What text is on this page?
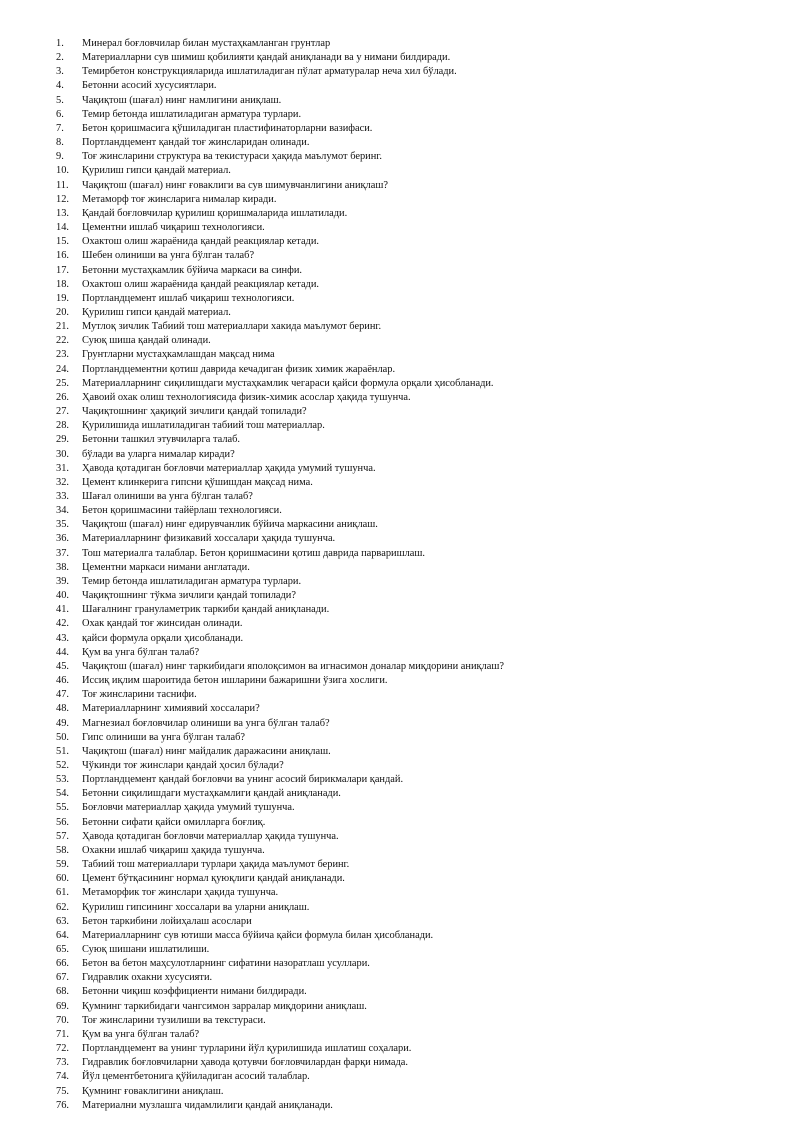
1.	Минерал боғловчилар билан мустаҳкамланган грунтлар
2.	Материалларни сув шимиш қобилияти қандай аниқланади ва у нимани билдиради.
3.	Темирбетон конструкцияларида ишлатиладиган пўлат арматуралар неча хил бўлади.
4.	Бетонни асосий хусусиятлари.
5.	Чақиқтош (шағал) нинг намлигини аниқлаш.
6.	Темир бетонда ишлатиладиган арматура турлари.
7.	Бетон қоришмасига қўшиладиган пластифинаторларни вазифаси.
8.	Портландцемент қандай тоғ жинсларидан олинади.
9.	Тоғ жинсларини структура ва текистураси ҳақида маълумот беринг.
10.	Қурилиш гипси қандай материал.
11.	Чақиқтош (шағал) нинг ғоваклиги ва сув шимувчанлигини аниқлаш?
12.	Метаморф тоғ жинсларига нималар киради.
13.	Қандай боғловчилар қурилиш қоришмаларида ишлатилади.
14.	Цементни ишлаб чиқариш технологияси.
15.	Охактош олиш жараёнида қандай реакциялар кетади.
16.	Шебен олиниши ва унга бўлган талаб?
17.	Бетонни мустаҳкамлик бўйича маркаси ва синфи.
18.	Охактош олиш жараёнида қандай реакциялар кетади.
19.	Портландцемент ишлаб чиқариш технологияси.
20.	Қурилиш гипси қандай материал.
21.	Мутлоқ зичлик Табиий тош материаллари хакида маълумот беринг.
22.	Суюқ шиша қандай олинади.
23.	Грунтларни мустаҳкамлашдан мақсад нима
24.	Портландцементни қотиш даврида кечадиган физик химик жараёнлар.
25.	Материалларнинг сиқилишдаги мустаҳкамлик чегараси қайси формула орқали ҳисобланади.
26.	Ҳавоий охак олиш технологиясида физик-химик асослар ҳақида тушунча.
27.	Чақиқтошнинг ҳақиқий зичлиги қандай топилади?
28.	Қурилишида ишлатиладиган табиий тош материаллар.
29.	Бетонни ташкил этувчиларга талаб.
30.	бўлади ва уларга нималар киради?
31.	Ҳавода қотадиган боғловчи материаллар ҳақида умумий тушунча.
32.	Цемент клинкерига гипсни қўшишдан мақсад нима.
33.	Шағал олиниши ва унга бўлган талаб?
34.	Бетон қоришмасини тайёрлаш технологияси.
35.	Чақиқтош (шағал) нинг едирувчанлик бўйича маркасини аниқлаш.
36.	Материалларнинг физикавий хоссалари ҳақида тушунча.
37.	Тош материалга талаблар. Бетон қоришмасини қотиш даврида парваришлаш.
38.	Цементни маркаси нимани англатади.
39.	Темир бетонда ишлатиладиган арматура турлари.
40.	Чақиқтошнинг тўкма зичлиги қандай топилади?
41.	Шағалнинг грануламетрик таркиби қандай аниқланади.
42.	Охак қандай тоғ жинсидан олинади.
43.	қайси формула орқали ҳисобланади.
44.	Қум ва унга бўлган талаб?
45.	Чақиқтош (шағал) нинг таркибидаги яполоқсимон ва игнасимон доналар миқдорини аниқлаш?
46.	Иссиқ иқлим шароитида бетон ишларини бажаришни ўзига хослиги.
47.	Тоғ жинсларини таснифи.
48.	Материалларнинг химиявий хоссалари?
49.	Магнезиал боғловчилар олиниши ва унга бўлган талаб?
50.	Гипс олиниши ва унга бўлган талаб?
51.	Чақиқтош (шағал) нинг майдалик даражасини аниқлаш.
52.	Чўкинди тоғ жинслари қандай ҳосил бўлади?
53.	Портландцемент қандай боғловчи ва унинг асосий бирикмалари қандай.
54.	Бетонни сиқилишдаги мустаҳкамлиги қандай аниқланади.
55.	Боғловчи материаллар ҳақида умумий тушунча.
56.	Бетонни сифати қайси омилларга боғлиқ.
57.	Ҳавода қотадиган боғловчи материаллар ҳақида тушунча.
58.	Охакни ишлаб чиқариш ҳақида тушунча.
59.	Табиий тош материаллари турлари ҳақида маълумот беринг.
60.	Цемент бўтқасининг нормал қуюқлиги қандай аниқланади.
61.	Метаморфик тоғ жинслари ҳақида тушунча.
62.	Қурилиш гипсининг хоссалари ва уларни аниқлаш.
63.	Бетон таркибини лойиҳалаш асослари
64.	Материалларнинг сув ютиши масса бўйича қайси формула билан ҳисобланади.
65.	Суюқ шишани ишлатилиши.
66.	Бетон ва бетон маҳсулотларнинг сифатини назоратлаш усуллари.
67.	Гидравлик охакни хусусияти.
68.	Бетонни чиқиш коэффициенти нимани билдиради.
69.	Қумнинг таркибидаги чангсимон зарралар миқдорини аниқлаш.
70.	Тоғ жинсларини тузилиши ва текстураси.
71.	Қум ва унга бўлган талаб?
72.	Портландцемент ва унинг турларини йўл қурилишида ишлатиш соҳалари.
73.	Гидравлик боғловчиларни ҳавода қотувчи боғловчилардан фарқи нимада.
74.	Йўл цементбетонига қўйиладиган асосий талаблар.
75.	Қумнинг ғоваклигини аниқлаш.
76.	Материални музлашга чидамлилиги қандай аниқланади.
